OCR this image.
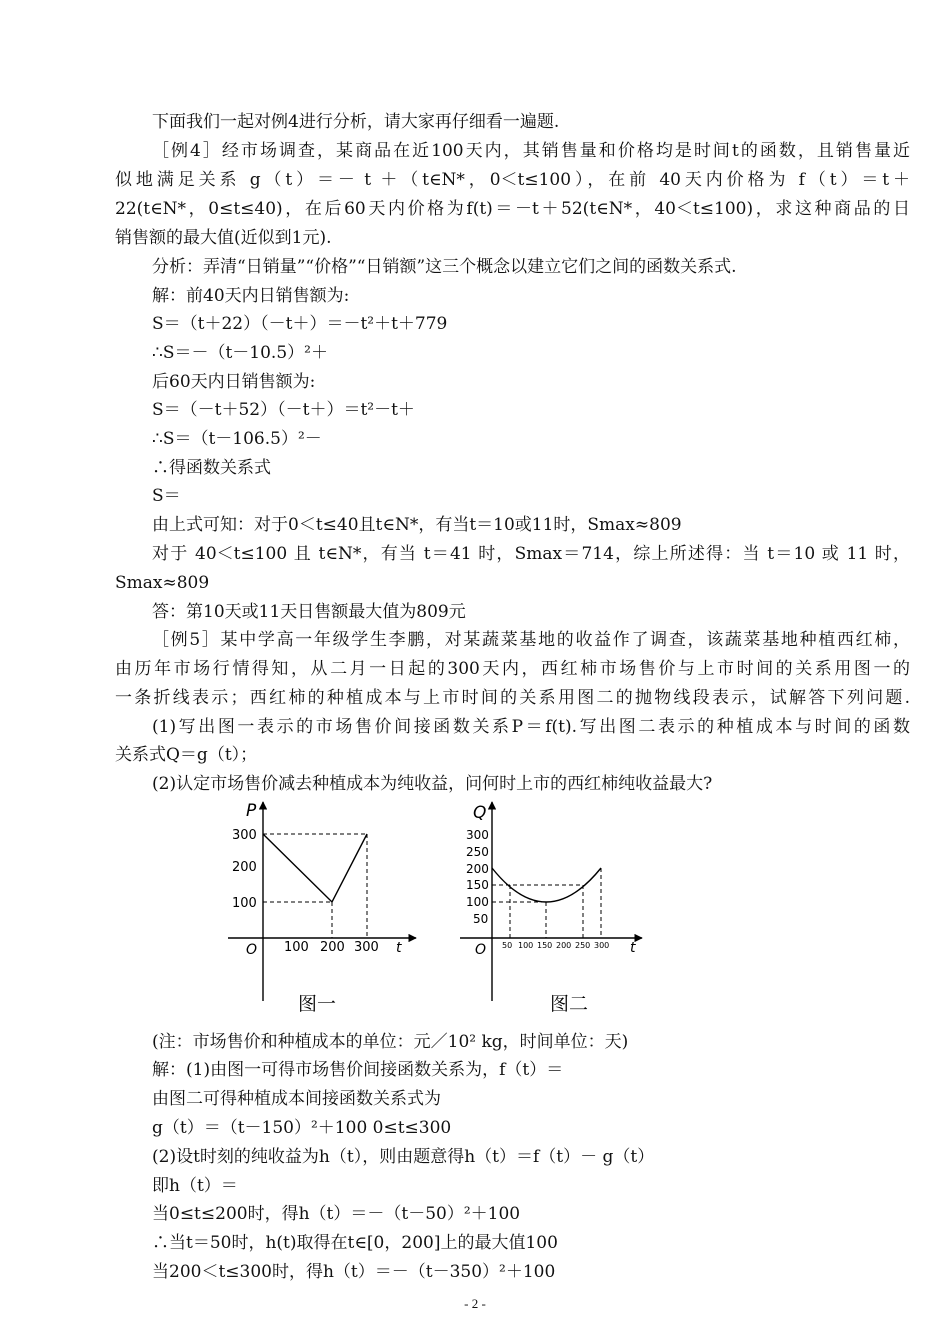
下面我们一起对例4进行分析，请大家再仔细看一遍题.
［例4］经市场调查，某商品在近100天内，其销售量和价格均是时间t的函数，且销售量近
似地满足关系 g（t）＝－ t ＋（t∈N*，0＜t≤100），在前 40天内价格为 f（t）＝t＋
22(t∈N*，0≤t≤40)，在后60天内价格为f(t)＝－t＋52(t∈N*，40＜t≤100)，求这种商品的日
销售额的最大值(近似到1元).
分析：弄清“日销量”“价格”“日销额”这三个概念以建立它们之间的函数关系式.
解：前40天内日销售额为:
S＝（t＋22）（－t＋）＝－t²＋t＋779
∴S＝－（t－10.5）²＋
后60天内日销售额为:
S＝（－t＋52）（－t＋）＝t²－t＋
∴S＝（t－106.5）²－
∴得函数关系式
S＝
由上式可知：对于0＜t≤40且t∈N*，有当t＝10或11时，Smax≈809
对于 40＜t≤100 且 t∈N*，有当 t＝41 时，Smax＝714，综上所述得：当 t＝10 或 11 时，
Smax≈809
答：第10天或11天日售额最大值为809元
［例5］某中学高一年级学生李鹏，对某蔬菜基地的收益作了调查，该蔬菜基地种植西红柿，
由历年市场行情得知，从二月一日起的300天内，西红柿市场售价与上市时间的关系用图一的
一条折线表示；西红柿的种植成本与上市时间的关系用图二的抛物线段表示，试解答下列问题.
(1)写出图一表示的市场售价间接函数关系P＝f(t).写出图二表示的种植成本与时间的函数
关系式Q＝g（t）；
(2)认定市场售价减去种植成本为纯收益，问何时上市的西红柿纯收益最大?
P
t
O
300
200
100
100 200 300
图一
Q
t
O
300
250
200
150
100
50
50 100 150 200 250 300
图二
(注：市场售价和种植成本的单位：元／10² kg，时间单位：天)
解：(1)由图一可得市场售价间接函数关系为，f（t）＝
由图二可得种植成本间接函数关系式为
g（t）＝（t－150）²＋100 0≤t≤300
(2)设t时刻的纯收益为h（t），则由题意得h（t）＝f（t）－ g（t）
即h（t）＝
当0≤t≤200时，得h（t）＝－（t－50）²＋100
∴当t＝50时，h(t)取得在t∈[0，200]上的最大值100
当200＜t≤300时，得h（t）＝－（t－350）²＋100
- 2 -
